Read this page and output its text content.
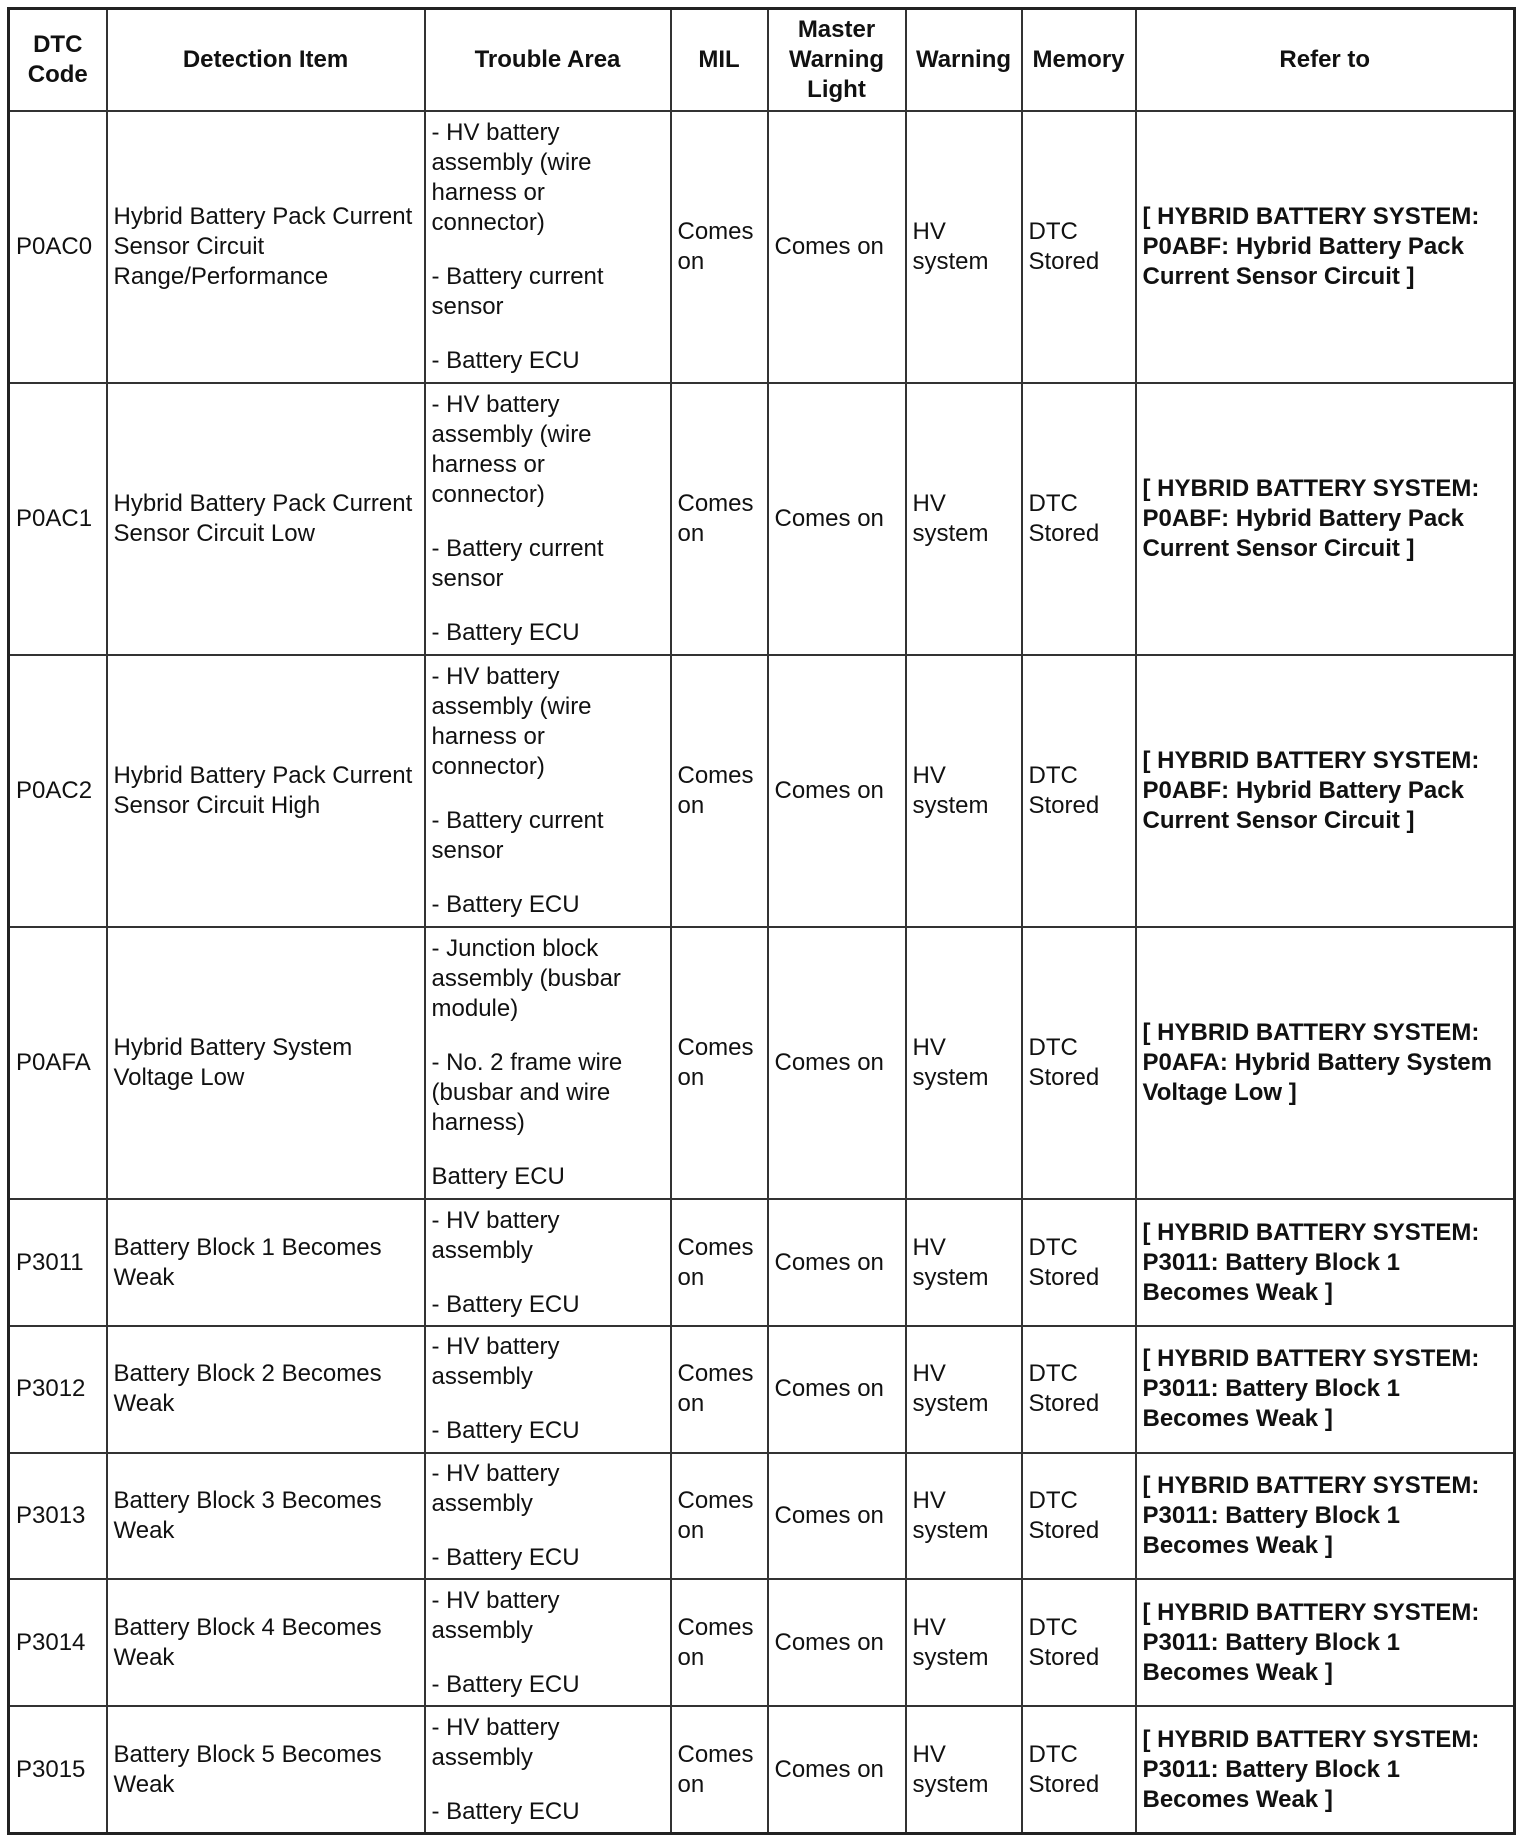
DTC Code	Detection Item	Trouble Area	MIL	Master Warning Light	Warning	Memory	Refer to
P0AC0	Hybrid Battery Pack Current Sensor Circuit Range/Performance	- HV battery assembly (wire harness or connector)
- Battery current sensor
- Battery ECU	Comes on	Comes on	HV system	DTC Stored	[ HYBRID BATTERY SYSTEM: P0ABF: Hybrid Battery Pack Current Sensor Circuit ]
P0AC1	Hybrid Battery Pack Current Sensor Circuit Low	- HV battery assembly (wire harness or connector)
- Battery current sensor
- Battery ECU	Comes on	Comes on	HV system	DTC Stored	[ HYBRID BATTERY SYSTEM: P0ABF: Hybrid Battery Pack Current Sensor Circuit ]
P0AC2	Hybrid Battery Pack Current Sensor Circuit High	- HV battery assembly (wire harness or connector)
- Battery current sensor
- Battery ECU	Comes on	Comes on	HV system	DTC Stored	[ HYBRID BATTERY SYSTEM: P0ABF: Hybrid Battery Pack Current Sensor Circuit ]
P0AFA	Hybrid Battery System Voltage Low	- Junction block assembly (busbar module)
- No. 2 frame wire (busbar and wire harness)
Battery ECU	Comes on	Comes on	HV system	DTC Stored	[ HYBRID BATTERY SYSTEM: P0AFA: Hybrid Battery System Voltage Low ]
P3011	Battery Block 1 Becomes Weak	- HV battery assembly
- Battery ECU	Comes on	Comes on	HV system	DTC Stored	[ HYBRID BATTERY SYSTEM: P3011: Battery Block 1 Becomes Weak ]
P3012	Battery Block 2 Becomes Weak	- HV battery assembly
- Battery ECU	Comes on	Comes on	HV system	DTC Stored	[ HYBRID BATTERY SYSTEM: P3011: Battery Block 1 Becomes Weak ]
P3013	Battery Block 3 Becomes Weak	- HV battery assembly
- Battery ECU	Comes on	Comes on	HV system	DTC Stored	[ HYBRID BATTERY SYSTEM: P3011: Battery Block 1 Becomes Weak ]
P3014	Battery Block 4 Becomes Weak	- HV battery assembly
- Battery ECU	Comes on	Comes on	HV system	DTC Stored	[ HYBRID BATTERY SYSTEM: P3011: Battery Block 1 Becomes Weak ]
P3015	Battery Block 5 Becomes Weak	- HV battery assembly
- Battery ECU	Comes on	Comes on	HV system	DTC Stored	[ HYBRID BATTERY SYSTEM: P3011: Battery Block 1 Becomes Weak ]
